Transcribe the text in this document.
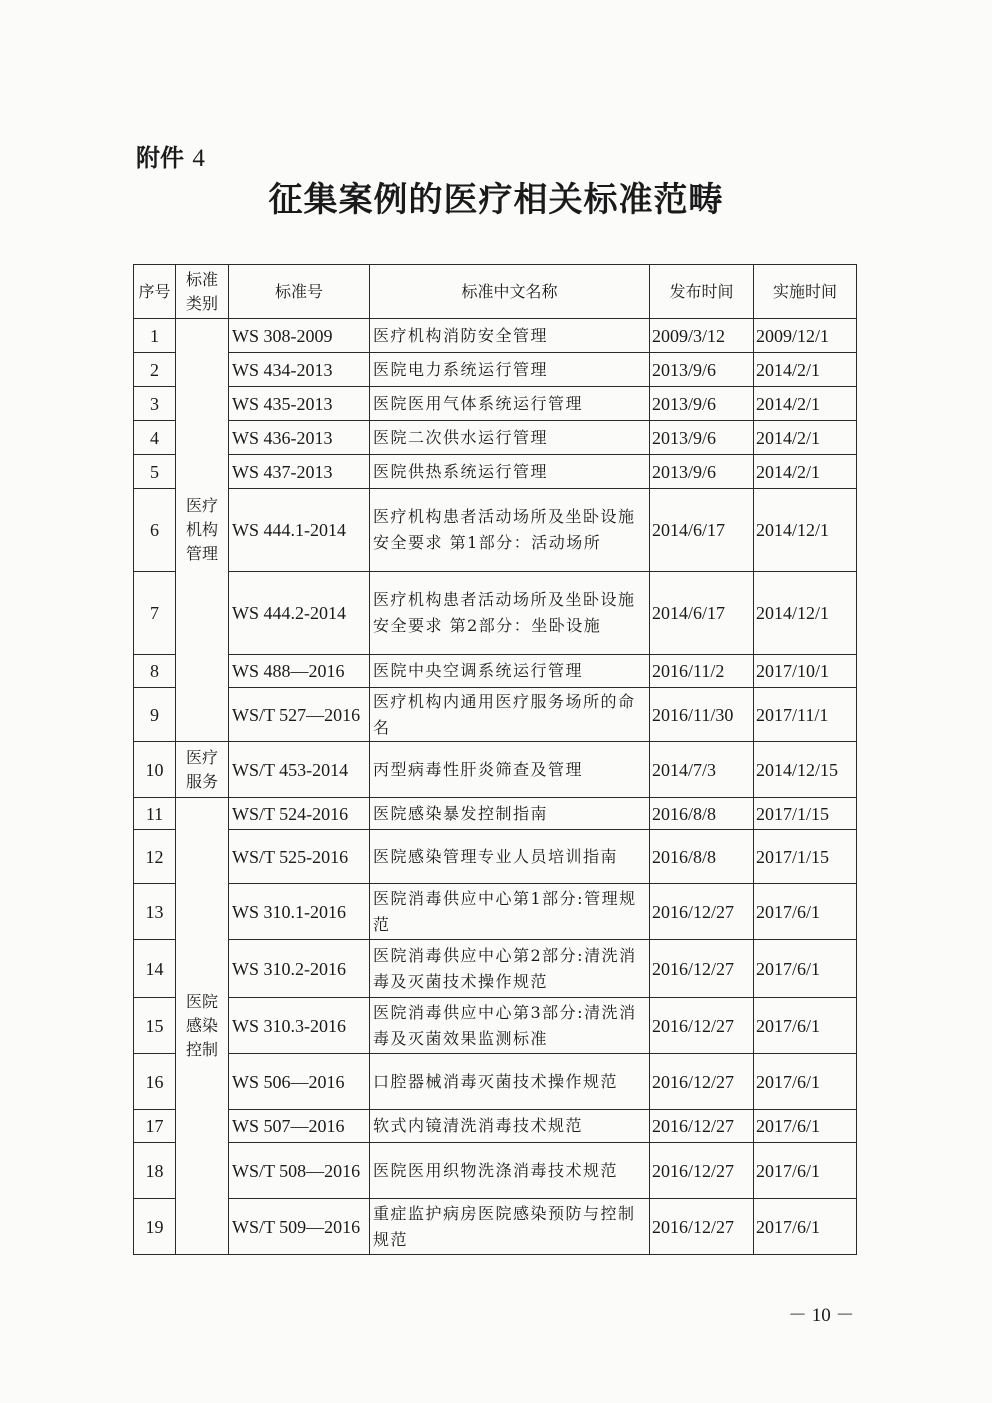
附件 4
征集案例的医疗相关标准范畴
序号	标准类别	标准号	标准中文名称	发布时间	实施时间
1	医疗机构管理	WS 308-2009	医疗机构消防安全管理	2009/3/12	2009/12/1
2		WS 434-2013	医院电力系统运行管理	2013/9/6	2014/2/1
3		WS 435-2013	医院医用气体系统运行管理	2013/9/6	2014/2/1
4		WS 436-2013	医院二次供水运行管理	2013/9/6	2014/2/1
5		WS 437-2013	医院供热系统运行管理	2013/9/6	2014/2/1
6		WS 444.1-2014	医疗机构患者活动场所及坐卧设施安全要求 第1部分：活动场所	2014/6/17	2014/12/1
7		WS 444.2-2014	医疗机构患者活动场所及坐卧设施安全要求 第2部分：坐卧设施	2014/6/17	2014/12/1
8		WS 488—2016	医院中央空调系统运行管理	2016/11/2	2017/10/1
9		WS/T 527—2016	医疗机构内通用医疗服务场所的命名	2016/11/30	2017/11/1
10	医疗服务	WS/T 453-2014	丙型病毒性肝炎筛查及管理	2014/7/3	2014/12/15
11	医院感染控制	WS/T 524-2016	医院感染暴发控制指南	2016/8/8	2017/1/15
12		WS/T 525-2016	医院感染管理专业人员培训指南	2016/8/8	2017/1/15
13		WS 310.1-2016	医院消毒供应中心第1部分:管理规范	2016/12/27	2017/6/1
14		WS 310.2-2016	医院消毒供应中心第2部分:清洗消毒及灭菌技术操作规范	2016/12/27	2017/6/1
15		WS 310.3-2016	医院消毒供应中心第3部分:清洗消毒及灭菌效果监测标准	2016/12/27	2017/6/1
16		WS 506—2016	口腔器械消毒灭菌技术操作规范	2016/12/27	2017/6/1
17		WS 507—2016	软式内镜清洗消毒技术规范	2016/12/27	2017/6/1
18		WS/T 508—2016	医院医用织物洗涤消毒技术规范	2016/12/27	2017/6/1
19		WS/T 509—2016	重症监护病房医院感染预防与控制规范	2016/12/27	2017/6/1
－ 10 －
